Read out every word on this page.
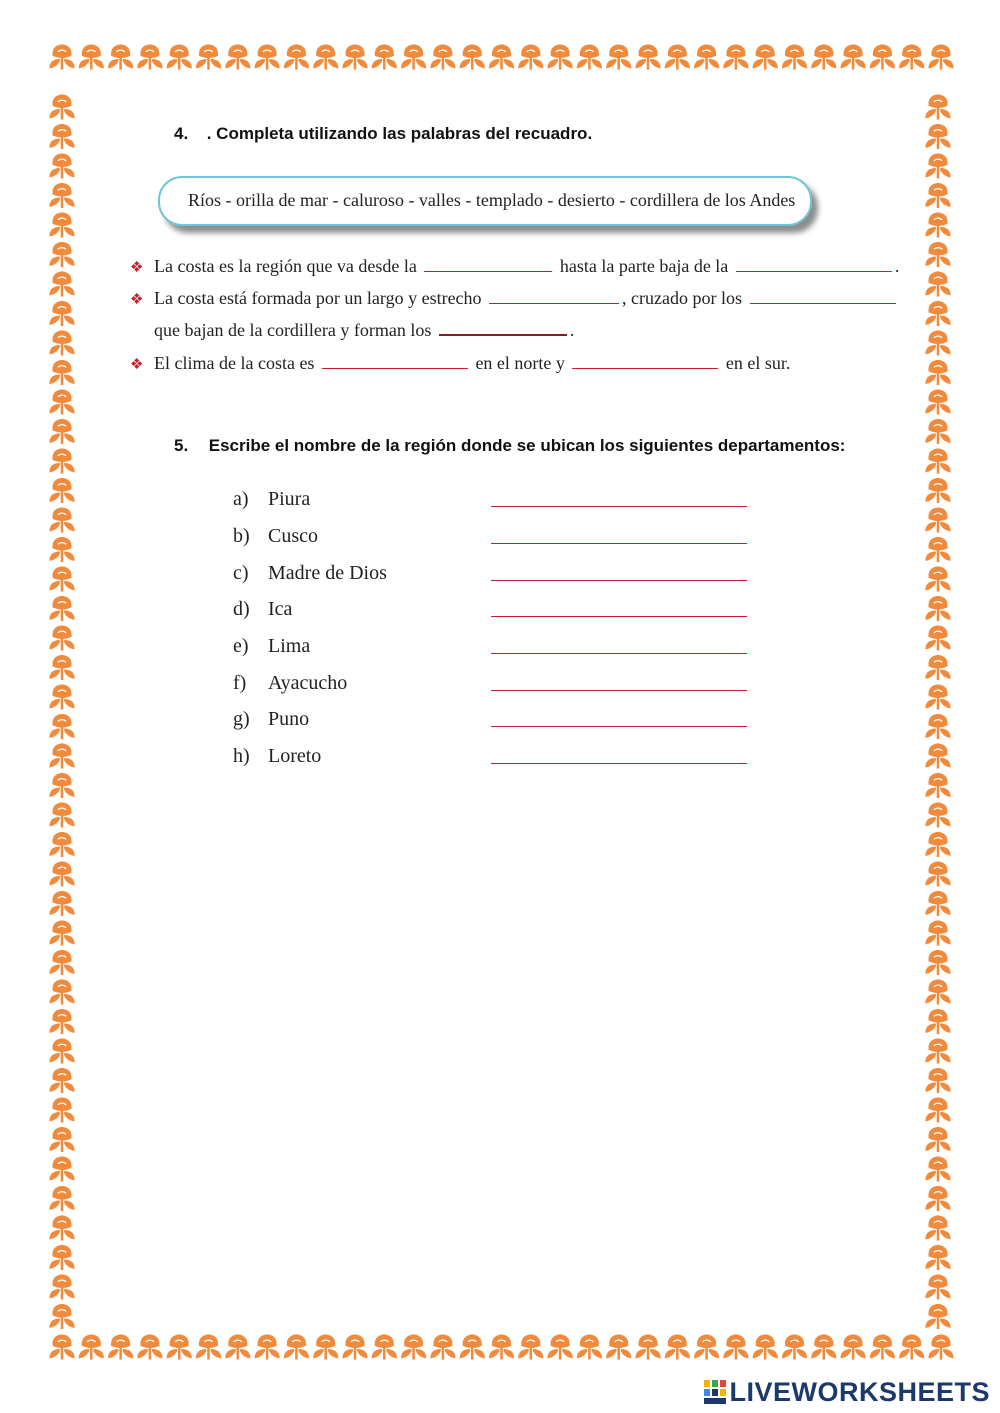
4. . Completa utilizando las palabras del recuadro.
Ríos - orilla de mar - caluroso - valles - templado - desierto - cordillera de los Andes
❖ La costa es la región que va desde la	hasta la parte baja de la	.
❖ La costa está formada por un largo y estrecho	, cruzado por los
que bajan de la cordillera y forman los	.
❖ El clima de la costa es	en el norte y	en el sur.
5. Escribe el nombre de la región donde se ubican los siguientes departamentos:
a) Piura
b) Cusco
c) Madre de Dios
d) Ica
e) Lima
f) Ayacucho
g) Puno
h) Loreto
LIVEWORKSHEETS
